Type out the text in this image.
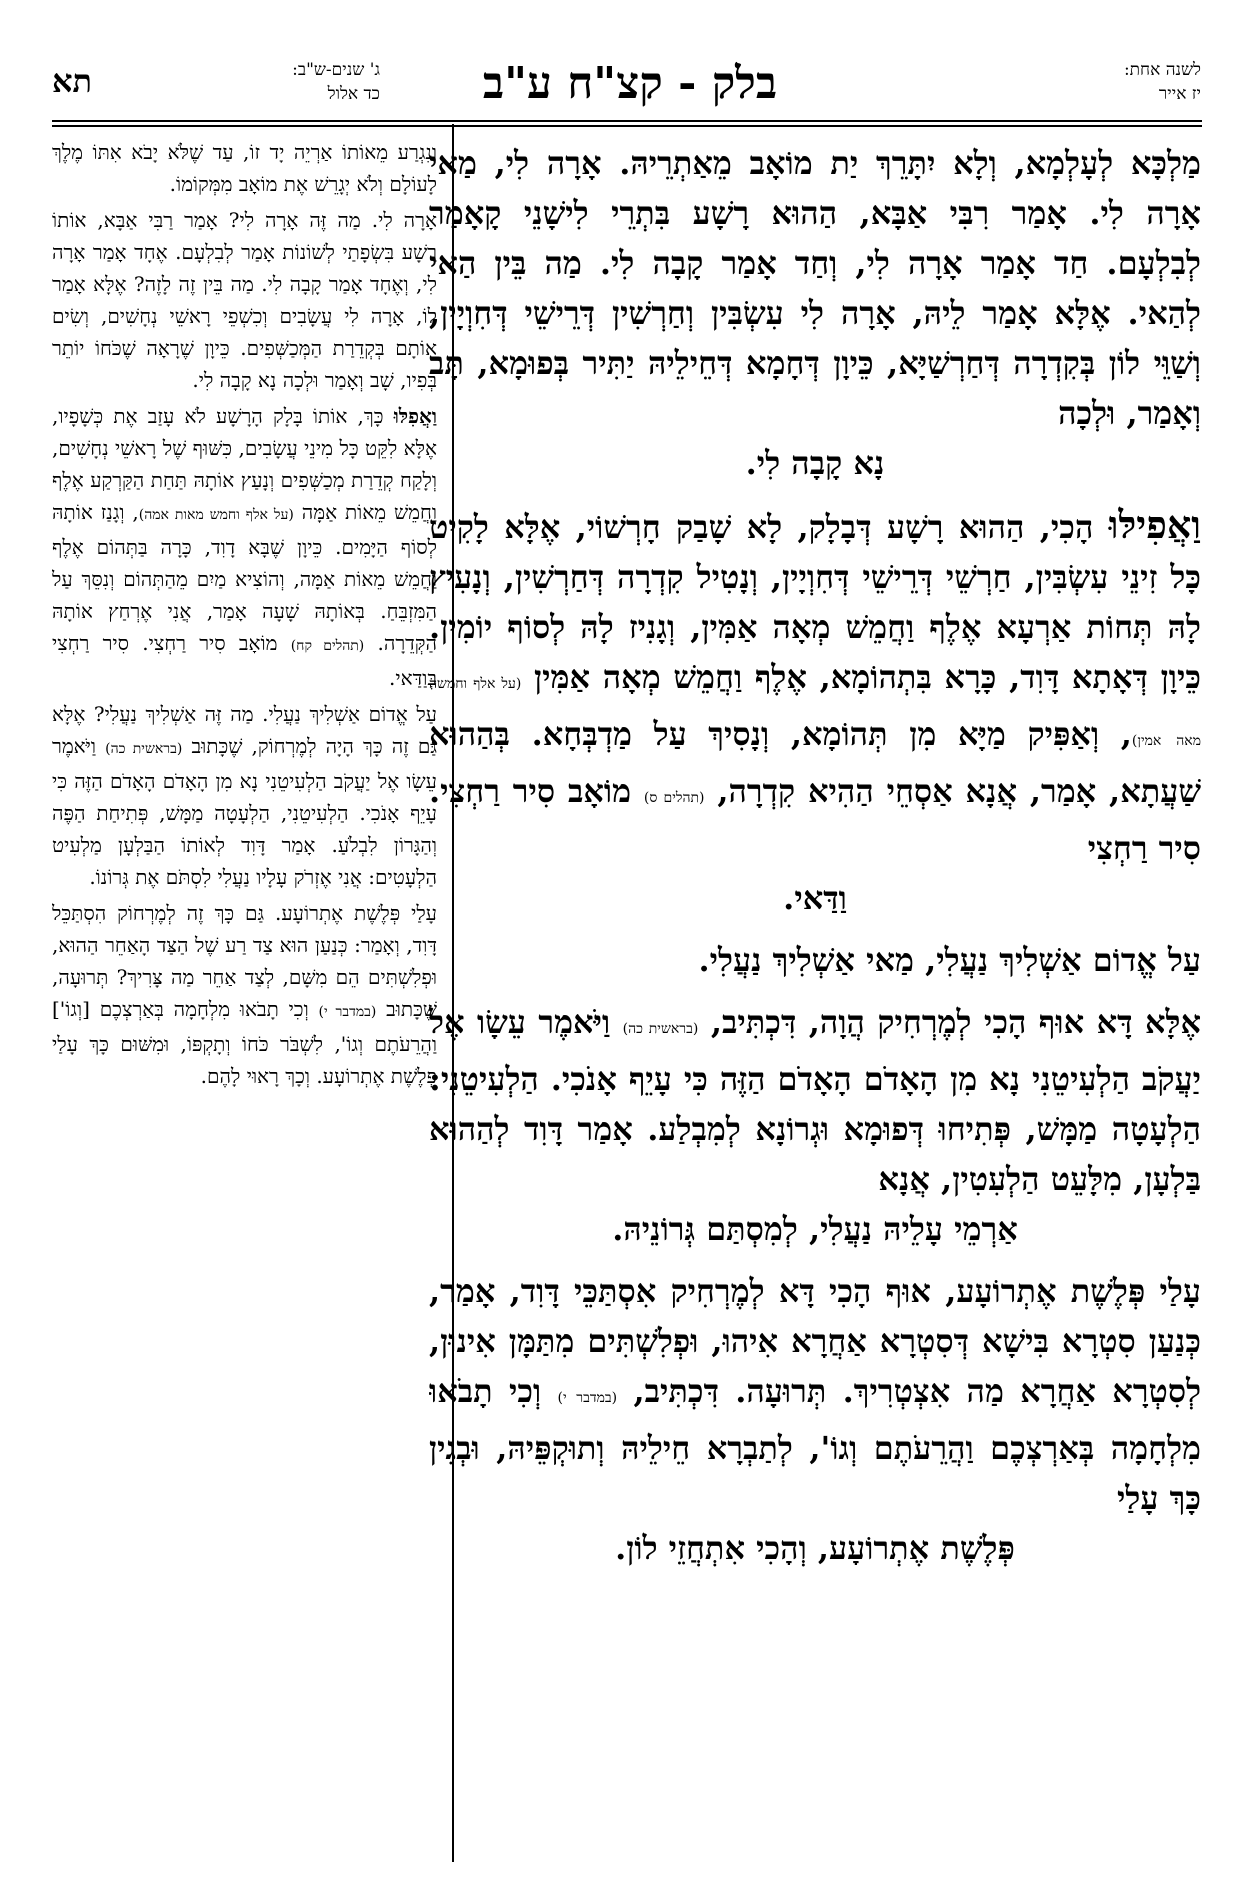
לשנה אחת:
יז אייר
בלק - קצ"ח ע"ב
ג' שנים-ש"ב:
כד אלול
תא

מַלְכָּא לְעָלְמָא, וְלָא יִתָּרֵךְ יַת מוֹאָב מֵאַתְרֵיהּ. אָרָה לִי, מַאי אָרָה לִי. אָמַר רִבִּי אַבָּא, הַהוּא רָשָׁע בִּתְרֵי לִישָׁנֵי קָאָמַר לְבִלְעָם. חַד אָמַר אָרָה לִי, וְחַד אָמַר קָבָה לִי. מַה בֵּין הַאי לְהַאי. אֶלָּא אָמַר לֵיהּ, אָרָה לִי עִשְׂבִּין וְחַרְשִׁין דְּרֵישֵׁי דְּחִוְיָין, וְשַׁוֵּי לוֹן בְּקִדְרָה דְּחַרְשַׁיָּא, כֵּיוָן דְּחָמָא דְּחֵילֵיהּ יַתִּיר בְּפוּמָא, תָּב וְאָמַר, וּלְכָה
נָא קָבָה לִי.

וַאֲפִילּוּ הָכִי, הַהוּא רָשָׁע דְּבָלָק, לָא שָׁבַק חָרְשׁוֹי, אֶלָּא לָקִיט כָּל זִינֵי עִשְׂבִּין, חַרְשֵׁי דְּרֵישֵׁי דְּחִוְיָין, וְנָטִיל קִדְרָה דְּחַרְשִׁין, וְנָעִיץ לָהּ תְּחוֹת אַרְעָא אֶלֶף וַחֲמֵשׁ מְאָה אַמִּין, וְגָנִיז לָהּ לְסוֹף יוֹמִין. כֵּיוָן דְּאָתָא דָּוִד, כָּרָא בִּתְהוֹמָא, אֶלֶף וַחֲמֵשׁ מְאָה אַמִּין (על אלף וחמשה מאה אמין), וְאַפִּיק מַיָּא מִן תְּהוֹמָא, וְנָסִיךְ עַל מַדְבְּחָא. בְּהַהוּא שַׁעֲתָא, אָמַר, אֲנָא אַסְחֵי הַהִיא קִדְרָה, (תהלים ס) מוֹאָב סִיר רַחְצִי. סִיר רַחְצִי
וַדַּאי.

עַל אֱדוֹם אַשְׁלִיךְ נַעֲלִי, מַאי אַשְׁלִיךְ נַעֲלִי.

אֶלָּא דָּא אוּף הָכִי לְמֶרְחִיק הֲוָה, דִּכְתִּיב, (בראשית כה) וַיֹּאמֶר עֵשָׂו אֶל יַעֲקֹב הַלְעִיטֵנִי נָא מִן הָאָדֹם הָאָדֹם הַזֶּה כִּי עָיֵף אָנֹכִי. הַלְעִיטֵנִי: הַלְעָטָה מַמָּשׁ, פְּתִיחוּ דְּפוּמָא וּגְרוֹנָא לְמִבְלַע. אָמַר דָּוִד לְהַהוּא בַּלְעָן, מִלָּעֵט הַלְעִטִין, אֲנָא
אַרְמֵי עָלֵיהּ נַעֲלִי, לְמִסְתַּם גְּרוֹנֵיהּ.

עָלַי פְּלֶשֶׁת אֶתְרוֹעָע, אוּף הָכִי דָּא לְמֶרְחִיק אִסְתַּכֵּי דָּוִד, אָמַר, כְּנַעַן סִטְרָא בִּישָׁא דְּסִטְרָא אַחֲרָא אִיהוּ, וּפְלִשְׁתִּים מִתַּמָּן אִינוּן, לְסִטְרָא אַחֲרָא מַה אִצְטְרִיךְ. תְּרוּעָה. דִּכְתִּיב, (במדבר י) וְכִי תָבֹאוּ מִלְחָמָה בְּאַרְצְכֶם וַהֲרֵעֹתֶם וְגוֹ', לְתַבְרָא חֵילֵיהּ וְתוּקְפֵּיהּ, וּבְגִין כָּךְ עָלַי
פְּלֶשֶׁת אֶתְרוֹעָע, וְהָכִי אִתְחֲזֵי לוֹן.

וְנִגְרַע מֵאוֹתוֹ אַרְיֵה יָד זוֹ, עַד שֶׁלֹּא יָבֹא אִתּוֹ מֶלֶךְ לָעוֹלָם וְלֹא יְגָרֵשׁ אֶת מוֹאָב מִמְּקוֹמוֹ.

אָרָה לִי. מַה זֶּה אָרָה לִי? אָמַר רַבִּי אַבָּא, אוֹתוֹ רָשָׁע בִּשְׂפָתַי לְשׁוֹנוֹת אָמַר לְבִלְעָם. אֶחָד אָמַר אָרָה לִי, וְאֶחָד אָמַר קָבָה לִי. מַה בֵּין זֶה לָזֶה? אֶלָּא אָמַר לוֹ, אָרָה לִי עֲשָׂבִים וְכִשְׁפֵי רָאשֵׁי נְחָשִׁים, וְשִׂים אוֹתָם בְּקְדֵרַת הַמְּכַשְּׁפִים. כֵּיוָן שֶׁרָאָה שֶׁכֹּחוֹ יוֹתֵר בְּפִיו, שָׁב וְאָמַר וּלְכָה נָא קָבָה לִי.

וַאֲפִלּוּ כָּךְ, אוֹתוֹ בָּלָק הָרָשָׁע לֹא עָזַב אֶת כְּשָׁפָיו, אֶלָּא לִקֵּט כָּל מִינֵי עֲשָׂבִים, כִּשּׁוּף שֶׁל רָאשֵׁי נְחָשִׁים, וְלָקַח קְדֵרַת מְכַשְּׁפִים וְנָעַץ אוֹתָהּ תַּחַת הַקַּרְקַע אֶלֶף וַחֲמֵשׁ מֵאוֹת אַמָּה (על אלף וחמש מאות אמה), וְגָנַז אוֹתָהּ לְסוֹף הַיָּמִים. כֵּיוָן שֶׁבָּא דָוִד, כָּרָה בַּתְּהוֹם אֶלֶף וַחֲמֵשׁ מֵאוֹת אַמָּה, וְהוֹצִיא מַיִם מֵהַתְּהוֹם וְנִסֵּךְ עַל הַמִּזְבֵּחַ. בְּאוֹתָהּ שָׁעָה אָמַר, אֲנִי אֶרְחַץ אוֹתָהּ הַקְּדֵרָה. (תהלים קח) מוֹאָב סִיר רַחְצִי. סִיר רַחְצִי בְּוַדַּאי.

עַל אֱדוֹם אַשְׁלִיךְ נַעֲלִי. מַה זֶּה אַשְׁלִיךְ נַעֲלִי? אֶלָּא גַּם זֶה כָּךְ הָיָה לְמֶרְחוֹק, שֶׁכָּתוּב (בראשית כה) וַיֹּאמֶר עֵשָׂו אֶל יַעֲקֹב הַלְעִיטֵנִי נָא מִן הָאָדֹם הָאָדֹם הַזֶּה כִּי עָיֵף אָנֹכִי. הַלְעִיטֵנִי, הַלְעָטָה מַמָּשׁ, פְּתִיחַת הַפֶּה וְהַגָּרוֹן לִבְלֹעַ. אָמַר דָּוִד לְאוֹתוֹ הַבַּלְעָן מַלְעִיט הַלְעָטִים: אֲנִי אֶזְרֹק עָלָיו נַעֲלִי לִסְתֹּם אֶת גְּרוֹנוֹ.

עָלַי פְּלֶשֶׁת אֶתְרוֹעָע. גַּם כָּךְ זֶה לְמֶרְחוֹק הִסְתַּכֵּל דָּוִד, וְאָמַר: כְּנַעַן הוּא צַד רַע שֶׁל הַצַּד הָאַחֵר הַהוּא, וּפְלִשְׁתִּים הֵם מִשָּׁם, לְצַד אַחֵר מַה צָּרִיךְ? תְּרוּעָה, שֶׁכָּתוּב (במדבר י) וְכִי תָבֹאוּ מִלְחָמָה בְּאַרְצְכֶם [וְגוֹ'] וַהֲרֵעֹתֶם וְגוֹ', לִשְׁבֹּר כֹּחוֹ וְתָקְפּוֹ, וּמִשּׁוּם כָּךְ עָלַי פְּלֶשֶׁת אֶתְרוֹעָע. וְכָךְ רָאוּי לָהֶם.
